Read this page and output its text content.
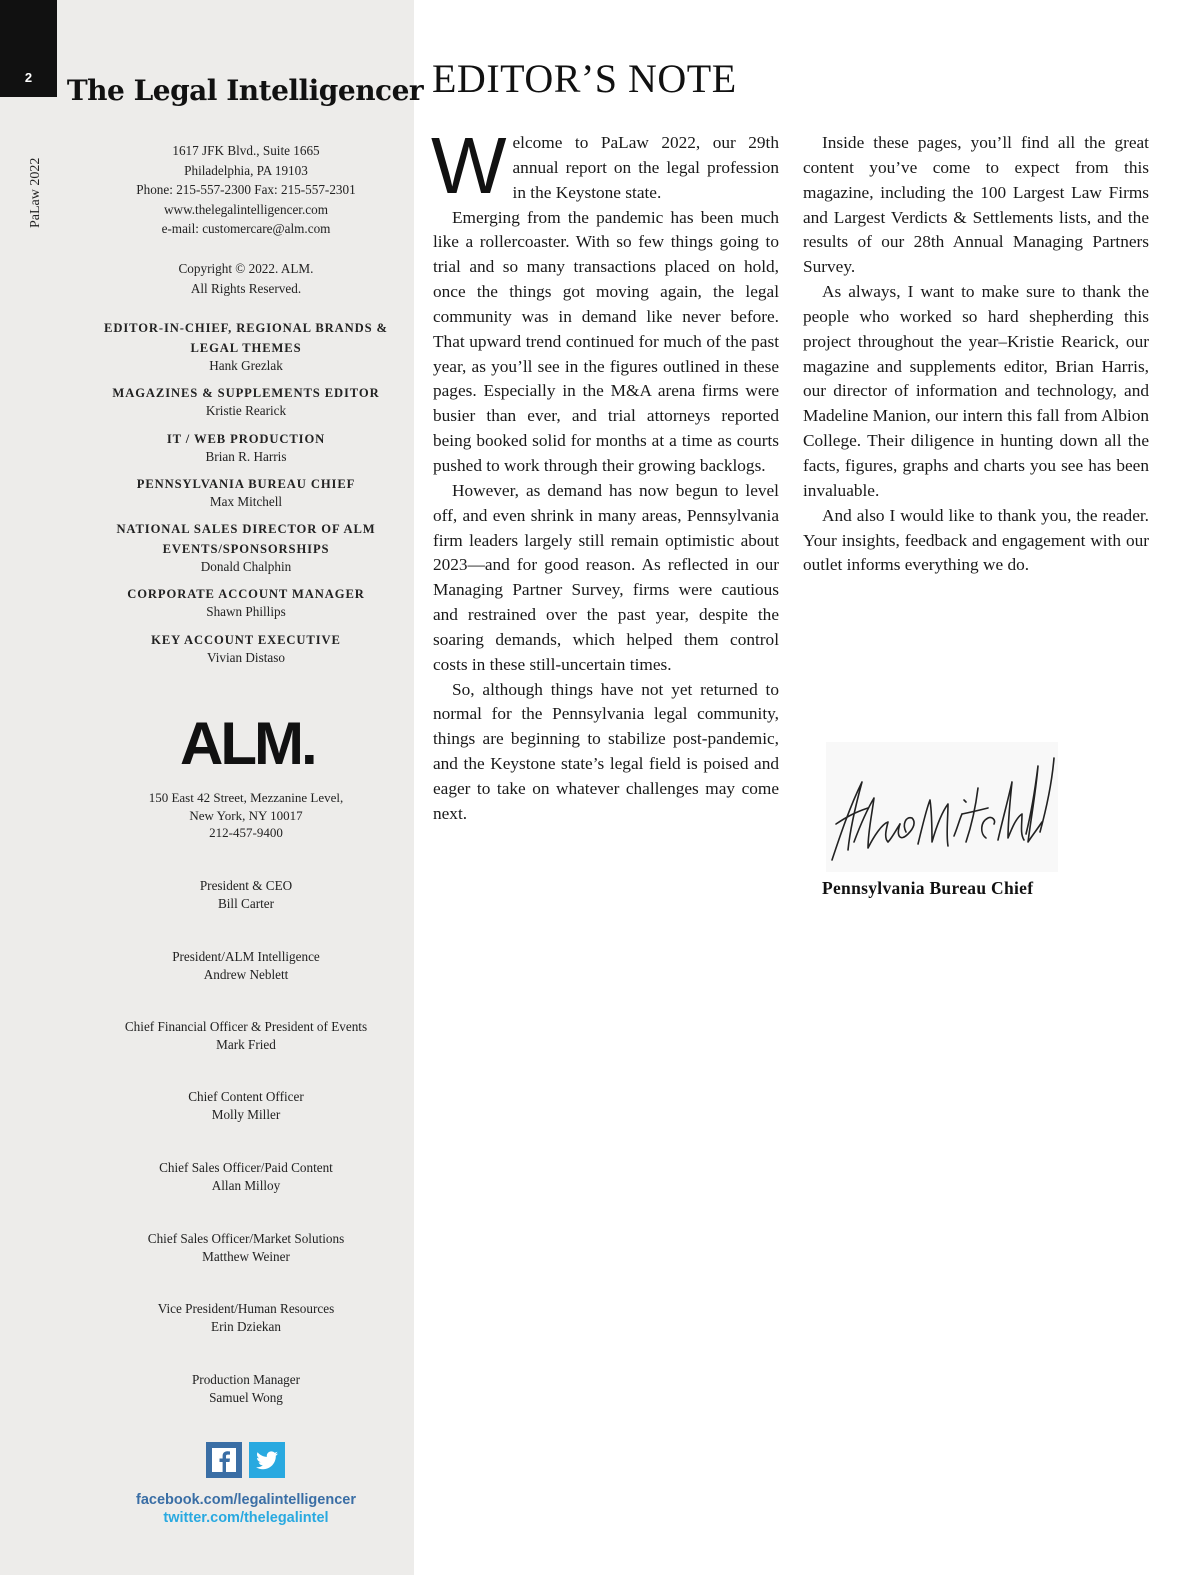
2
PaLaw 2022
The Legal Intelligencer
1617 JFK Blvd., Suite 1665
Philadelphia, PA 19103
Phone: 215-557-2300 Fax: 215-557-2301
www.thelegalintelligencer.com
e-mail: customercare@alm.com
Copyright © 2022. ALM.
All Rights Reserved.
EDITOR-IN-CHIEF, REGIONAL BRANDS &
LEGAL THEMES
Hank Grezlak
MAGAZINES & SUPPLEMENTS EDITOR
Kristie Rearick
IT / WEB PRODUCTION
Brian R. Harris
PENNSYLVANIA BUREAU CHIEF
Max Mitchell
NATIONAL SALES DIRECTOR OF ALM
EVENTS/SPONSORSHIPS
Donald Chalphin
CORPORATE ACCOUNT MANAGER
Shawn Phillips
KEY ACCOUNT EXECUTIVE
Vivian Distaso
ALM.
150 East 42 Street, Mezzanine Level,
New York, NY 10017
212-457-9400
President & CEO
Bill Carter
President/ALM Intelligence
Andrew Neblett
Chief Financial Officer & President of Events
Mark Fried
Chief Content Officer
Molly Miller
Chief Sales Officer/Paid Content
Allan Milloy
Chief Sales Officer/Market Solutions
Matthew Weiner
Vice President/Human Resources
Erin Dziekan
Production Manager
Samuel Wong
facebook.com/legalintelligencer
twitter.com/thelegalintel
EDITOR’S NOTE

Welcome to PaLaw 2022, our 29th annual report on the legal profession in the Keystone state.

Emerging from the pandemic has been much like a rollercoaster. With so few things going to trial and so many transactions placed on hold, once the things got moving again, the legal community was in demand like never before. That upward trend continued for much of the past year, as you’ll see in the figures outlined in these pages. Especially in the M&A arena firms were busier than ever, and trial attorneys reported being booked solid for months at a time as courts pushed to work through their growing backlogs.

However, as demand has now begun to level off, and even shrink in many areas, Pennsylvania firm leaders largely still remain optimistic about 2023—and for good reason. As reflected in our Managing Partner Survey, firms were cautious and restrained over the past year, despite the soaring demands, which helped them control costs in these still-uncertain times.

So, although things have not yet returned to normal for the Pennsylvania legal community, things are beginning to stabilize post-pandemic, and the Keystone state’s legal field is poised and eager to take on whatever challenges may come next.

Inside these pages, you’ll find all the great content you’ve come to expect from this magazine, including the 100 Largest Law Firms and Largest Verdicts & Settlements lists, and the results of our 28th Annual Managing Partners Survey.

As always, I want to make sure to thank the people who worked so hard shepherding this project throughout the year–Kristie Rearick, our magazine and supplements editor, Brian Harris, our director of information and technology, and Madeline Manion, our intern this fall from Albion College. Their diligence in hunting down all the facts, figures, graphs and charts you see has been invaluable.

And also I would like to thank you, the reader. Your insights, feedback and engagement with our outlet informs everything we do.

Pennsylvania Bureau Chief
